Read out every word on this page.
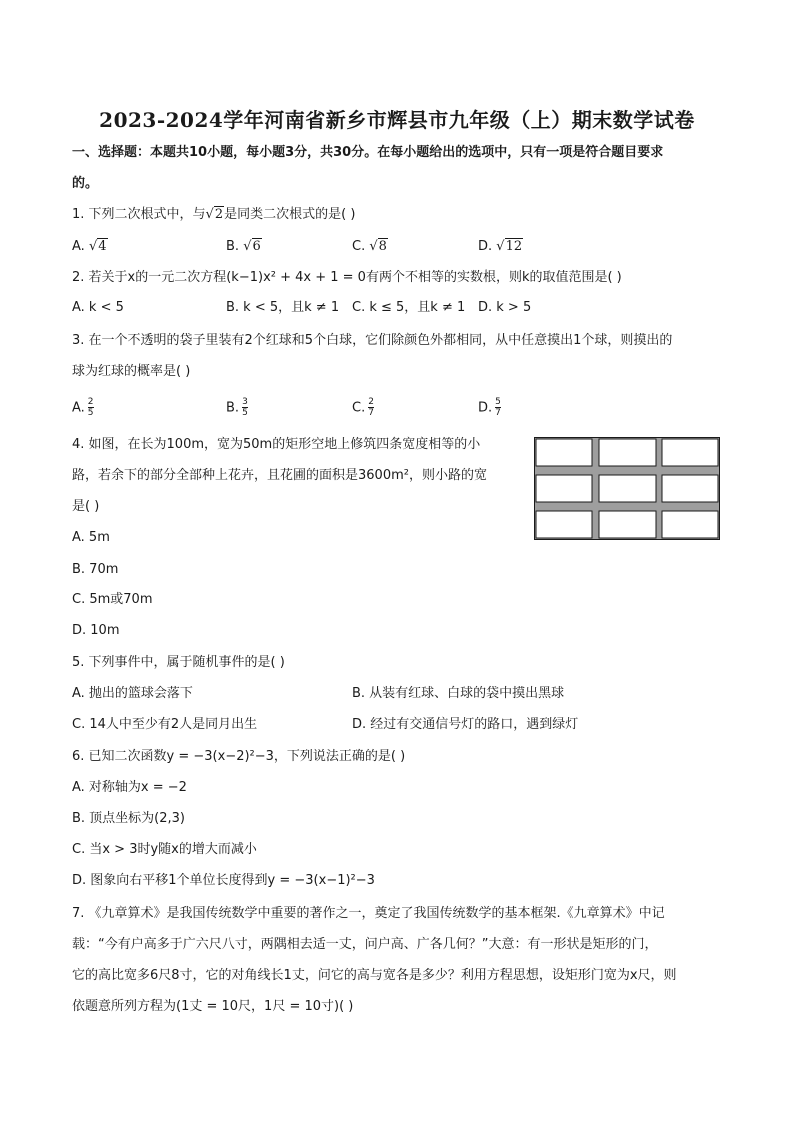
2023-2024学年河南省新乡市辉县市九年级（上）期末数学试卷
一、选择题：本题共10小题，每小题3分，共30分。在每小题给出的选项中，只有一项是符合题目要求
的。
1. 下列二次根式中，与√2是同类二次根式的是( )
A. √4	B. √6	C. √8	D. √12
2. 若关于x的一元二次方程(k−1)x² + 4x + 1 = 0有两个不相等的实数根，则k的取值范围是( )
A. k < 5	B. k < 5，且k ≠ 1 C. k ≤ 5，且k ≠ 1 D. k > 5
3. 在一个不透明的袋子里装有2个红球和5个白球，它们除颜色外都相同，从中任意摸出1个球，则摸出的
球为红球的概率是( )
A. $\frac{2}{5}$	B. $\frac{3}{5}$	C. $\frac{2}{7}$	D. $\frac{5}{7}$
4. 如图，在长为100m，宽为50m的矩形空地上修筑四条宽度相等的小
路，若余下的部分全部种上花卉，且花圃的面积是3600m²，则小路的宽
是( )
A. 5m
B. 70m
C. 5m或70m
D. 10m
5. 下列事件中，属于随机事件的是( )
A. 抛出的篮球会落下	B. 从装有红球、白球的袋中摸出黑球
C. 14人中至少有2人是同月出生	D. 经过有交通信号灯的路口，遇到绿灯
6. 已知二次函数y = −3(x−2)²−3，下列说法正确的是( )
A. 对称轴为x = −2
B. 顶点坐标为(2,3)
C. 当x > 3时y随x的增大而减小
D. 图象向右平移1个单位长度得到y = −3(x−1)²−3
7. 《九章算术》是我国传统数学中重要的著作之一，奠定了我国传统数学的基本框架.《九章算术》中记
载：“今有户高多于广六尺八寸，两隅相去适一丈，问户高、广各几何？”大意：有一形状是矩形的门，
它的高比宽多6尺8寸，它的对角线长1丈，问它的高与宽各是多少？利用方程思想，设矩形门宽为x尺，则
依题意所列方程为(1丈 = 10尺，1尺 = 10寸)( )
